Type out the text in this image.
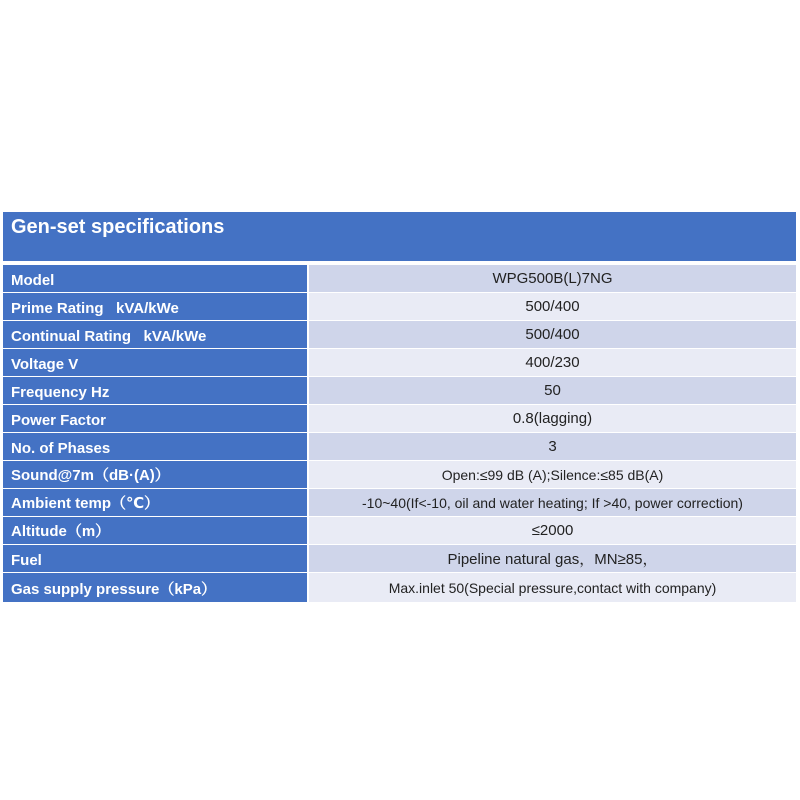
Gen-set specifications
Model	WPG500B(L)7NG
Prime Rating   kVA/kWe	500/400
Continual Rating   kVA/kWe	500/400
Voltage V	400/230
Frequency Hz	50
Power Factor	0.8(lagging)
No. of Phases	3
Sound@7m（dB·(A)）	Open:≤99 dB (A);Silence:≤85 dB(A)
Ambient temp（℃）	-10~40(If<-10, oil and water heating; If >40, power correction)
Altitude（m）	≤2000
Fuel	Pipeline natural gas，MN≥85，
Gas supply pressure（kPa）	Max.inlet 50(Special pressure,contact with company)
